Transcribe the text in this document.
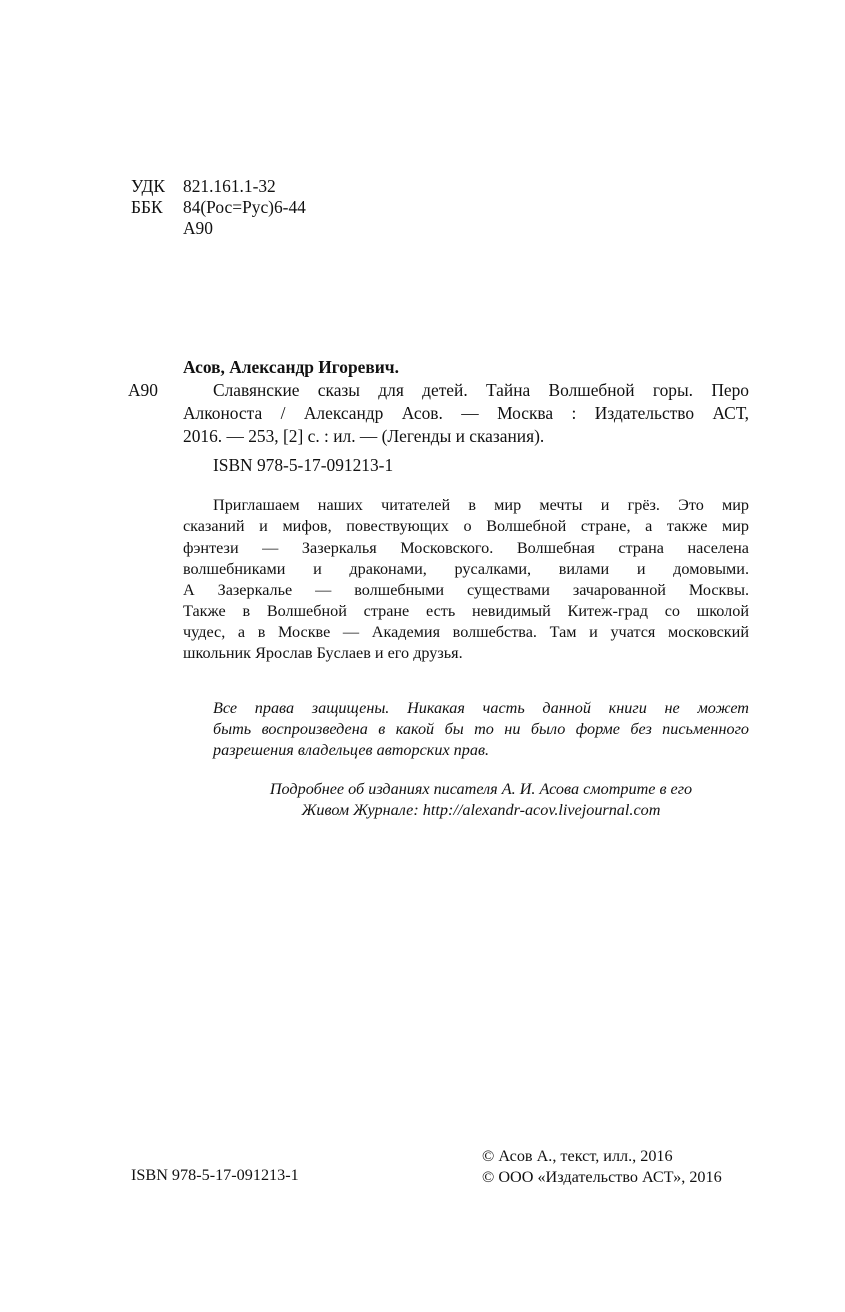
УДК 821.161.1-32
ББК 84(Рос=Рус)6-44
А90
Асов, Александр Игоревич.
А90	Славянские сказы для детей. Тайна Волшебной горы. Перо
Алконоста / Александр Асов. — Москва : Издательство АСТ,
2016. — 253, [2] с. : ил. — (Легенды и сказания).
ISBN 978-5-17-091213-1
Приглашаем наших читателей в мир мечты и грёз. Это мир
сказаний и мифов, повествующих о Волшебной стране, а также мир
фэнтези — Зазеркалья Московского. Волшебная страна населена
волшебниками и драконами, русалками, вилами и домовыми.
А Зазеркалье — волшебными существами зачарованной Москвы.
Также в Волшебной стране есть невидимый Китеж-град со школой
чудес, а в Москве — Академия волшебства. Там и учатся московский
школьник Ярослав Буслаев и его друзья.
Все права защищены. Никакая часть данной книги не может
быть воспроизведена в какой бы то ни было форме без письменного
разрешения владельцев авторских прав.
Подробнее об изданиях писателя А. И. Асова смотрите в его
Живом Журнале: http://alexandr-acov.livejournal.com
ISBN 978-5-17-091213-1
© Асов А., текст, илл., 2016
© ООО «Издательство АСТ», 2016
